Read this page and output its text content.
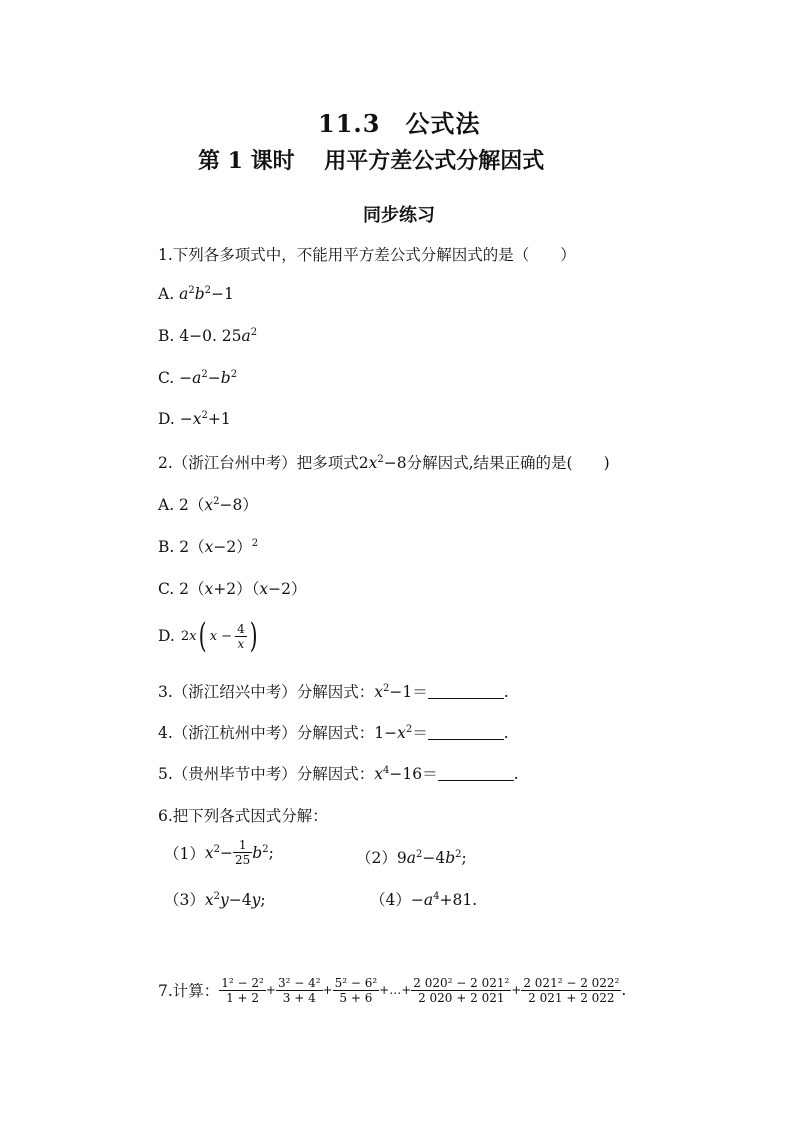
11.3　公式法
第 1 课时　 用平方差公式分解因式
同步练习
1.下列各多项式中，不能用平方差公式分解因式的是（　　）
A. $a^2b^2-1$
B. 4−0. $25a^2$
C. $-a^2-b^2$
D. $-x^2+1$
2.（浙江台州中考）把多项式$2x^2-8$分解因式,结果正确的是(　　)
A. $2(x^2-8)$
B. $2(x-2)^2$
C. 2（x+2）（x−2）
D. 2x ( $x - \frac{4}{x}$ )
3.（浙江绍兴中考）分解因式：$x^2-1=$	.
4.（浙江杭州中考）分解因式：$1-x^2=$	.
5.（贵州毕节中考）分解因式：$x^4-16=$	.
6.把下列各式因式分解：
（1） $x^2- \frac{1}{25} b^2$;	$(2)9a^2-4b^2$;
$(3)x^2y-4y$;	$(4)-a^4+81$.
7.计算： $\frac{\text{1² − 2²}}{1 + 2} + \frac{\text{3² − 4²}}{3 + 4} + \frac{\text{5² − 6²}}{5 + 6}$ +…+ $\frac{\text{2 020² − 2 021²}}{2 020 + 2 021} + \frac{\text{2 021² − 2 022²}}{2 021 + 2 022}$ .
